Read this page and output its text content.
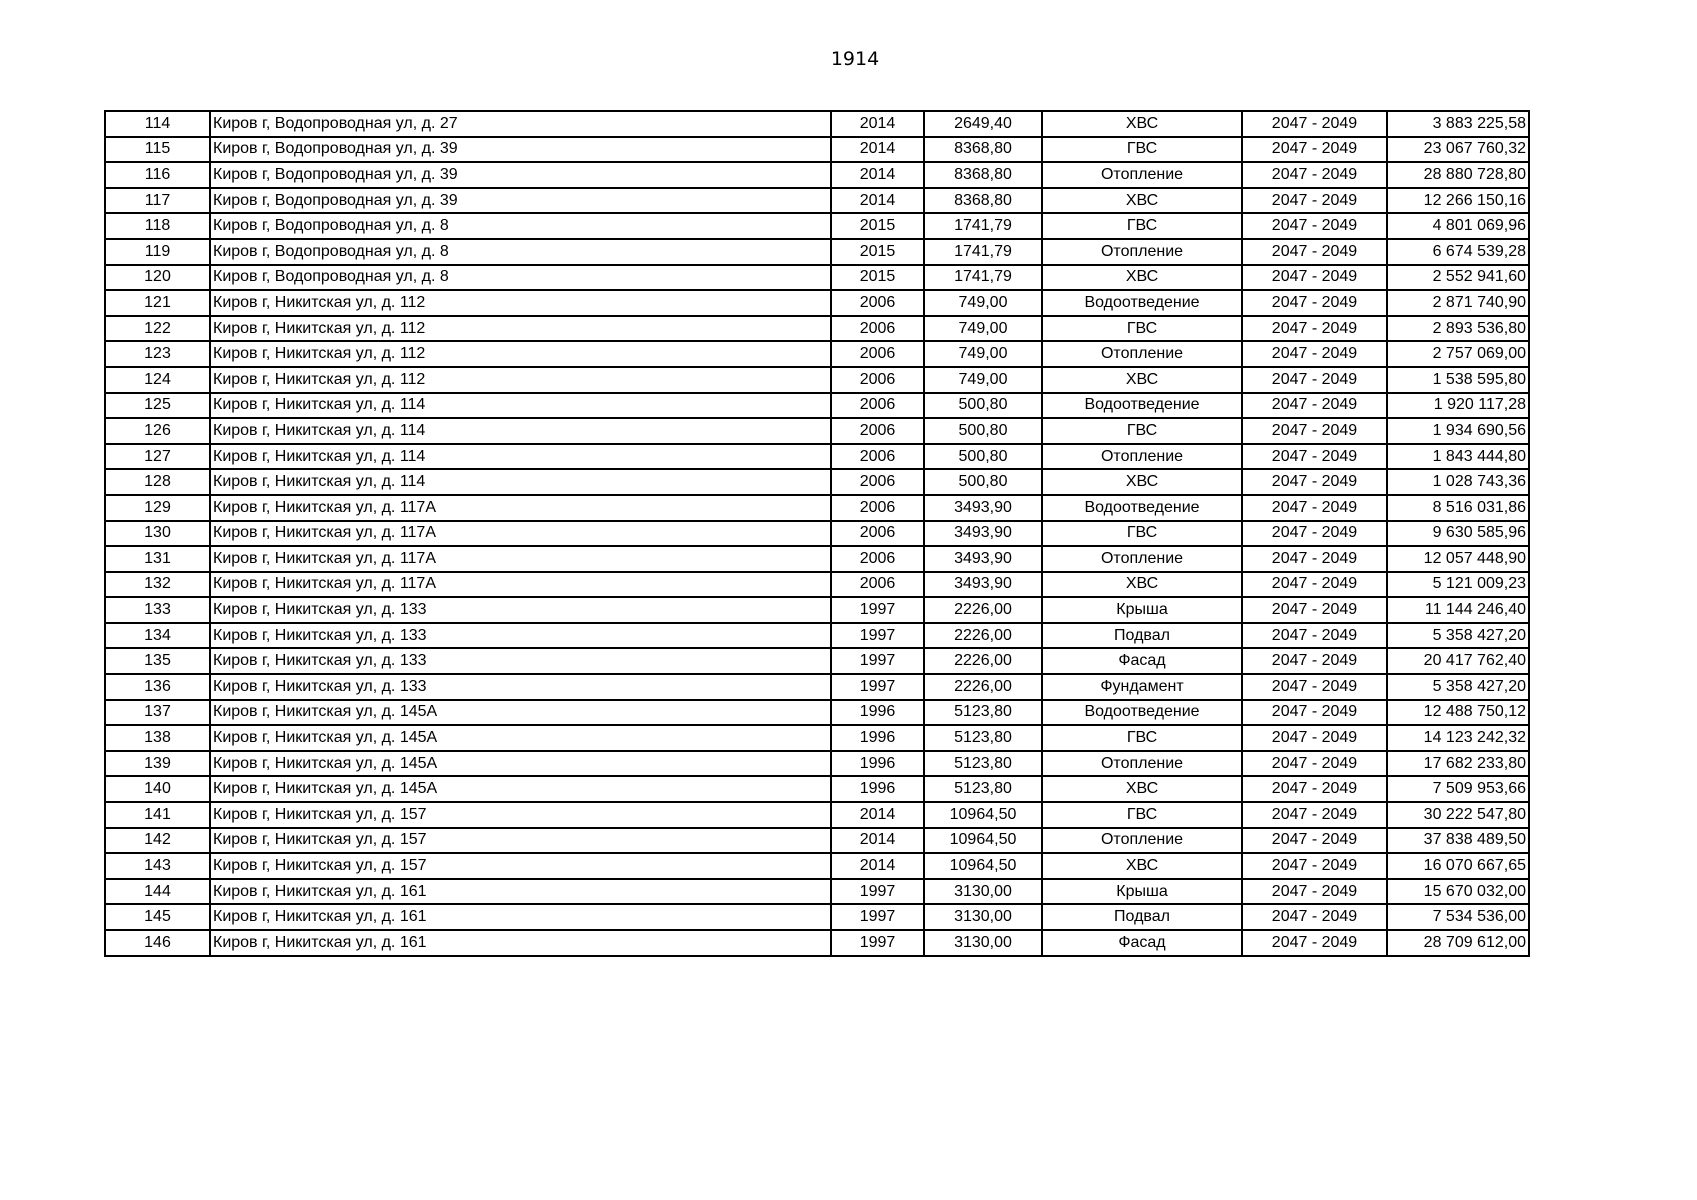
1914
114	Киров г, Водопроводная ул, д. 27	2014	2649,40	ХВС	2047 - 2049	3 883 225,58
115	Киров г, Водопроводная ул, д. 39	2014	8368,80	ГВС	2047 - 2049	23 067 760,32
116	Киров г, Водопроводная ул, д. 39	2014	8368,80	Отопление	2047 - 2049	28 880 728,80
117	Киров г, Водопроводная ул, д. 39	2014	8368,80	ХВС	2047 - 2049	12 266 150,16
118	Киров г, Водопроводная ул, д. 8	2015	1741,79	ГВС	2047 - 2049	4 801 069,96
119	Киров г, Водопроводная ул, д. 8	2015	1741,79	Отопление	2047 - 2049	6 674 539,28
120	Киров г, Водопроводная ул, д. 8	2015	1741,79	ХВС	2047 - 2049	2 552 941,60
121	Киров г, Никитская ул, д. 112	2006	749,00	Водоотведение	2047 - 2049	2 871 740,90
122	Киров г, Никитская ул, д. 112	2006	749,00	ГВС	2047 - 2049	2 893 536,80
123	Киров г, Никитская ул, д. 112	2006	749,00	Отопление	2047 - 2049	2 757 069,00
124	Киров г, Никитская ул, д. 112	2006	749,00	ХВС	2047 - 2049	1 538 595,80
125	Киров г, Никитская ул, д. 114	2006	500,80	Водоотведение	2047 - 2049	1 920 117,28
126	Киров г, Никитская ул, д. 114	2006	500,80	ГВС	2047 - 2049	1 934 690,56
127	Киров г, Никитская ул, д. 114	2006	500,80	Отопление	2047 - 2049	1 843 444,80
128	Киров г, Никитская ул, д. 114	2006	500,80	ХВС	2047 - 2049	1 028 743,36
129	Киров г, Никитская ул, д. 117А	2006	3493,90	Водоотведение	2047 - 2049	8 516 031,86
130	Киров г, Никитская ул, д. 117А	2006	3493,90	ГВС	2047 - 2049	9 630 585,96
131	Киров г, Никитская ул, д. 117А	2006	3493,90	Отопление	2047 - 2049	12 057 448,90
132	Киров г, Никитская ул, д. 117А	2006	3493,90	ХВС	2047 - 2049	5 121 009,23
133	Киров г, Никитская ул, д. 133	1997	2226,00	Крыша	2047 - 2049	11 144 246,40
134	Киров г, Никитская ул, д. 133	1997	2226,00	Подвал	2047 - 2049	5 358 427,20
135	Киров г, Никитская ул, д. 133	1997	2226,00	Фасад	2047 - 2049	20 417 762,40
136	Киров г, Никитская ул, д. 133	1997	2226,00	Фундамент	2047 - 2049	5 358 427,20
137	Киров г, Никитская ул, д. 145А	1996	5123,80	Водоотведение	2047 - 2049	12 488 750,12
138	Киров г, Никитская ул, д. 145А	1996	5123,80	ГВС	2047 - 2049	14 123 242,32
139	Киров г, Никитская ул, д. 145А	1996	5123,80	Отопление	2047 - 2049	17 682 233,80
140	Киров г, Никитская ул, д. 145А	1996	5123,80	ХВС	2047 - 2049	7 509 953,66
141	Киров г, Никитская ул, д. 157	2014	10964,50	ГВС	2047 - 2049	30 222 547,80
142	Киров г, Никитская ул, д. 157	2014	10964,50	Отопление	2047 - 2049	37 838 489,50
143	Киров г, Никитская ул, д. 157	2014	10964,50	ХВС	2047 - 2049	16 070 667,65
144	Киров г, Никитская ул, д. 161	1997	3130,00	Крыша	2047 - 2049	15 670 032,00
145	Киров г, Никитская ул, д. 161	1997	3130,00	Подвал	2047 - 2049	7 534 536,00
146	Киров г, Никитская ул, д. 161	1997	3130,00	Фасад	2047 - 2049	28 709 612,00
